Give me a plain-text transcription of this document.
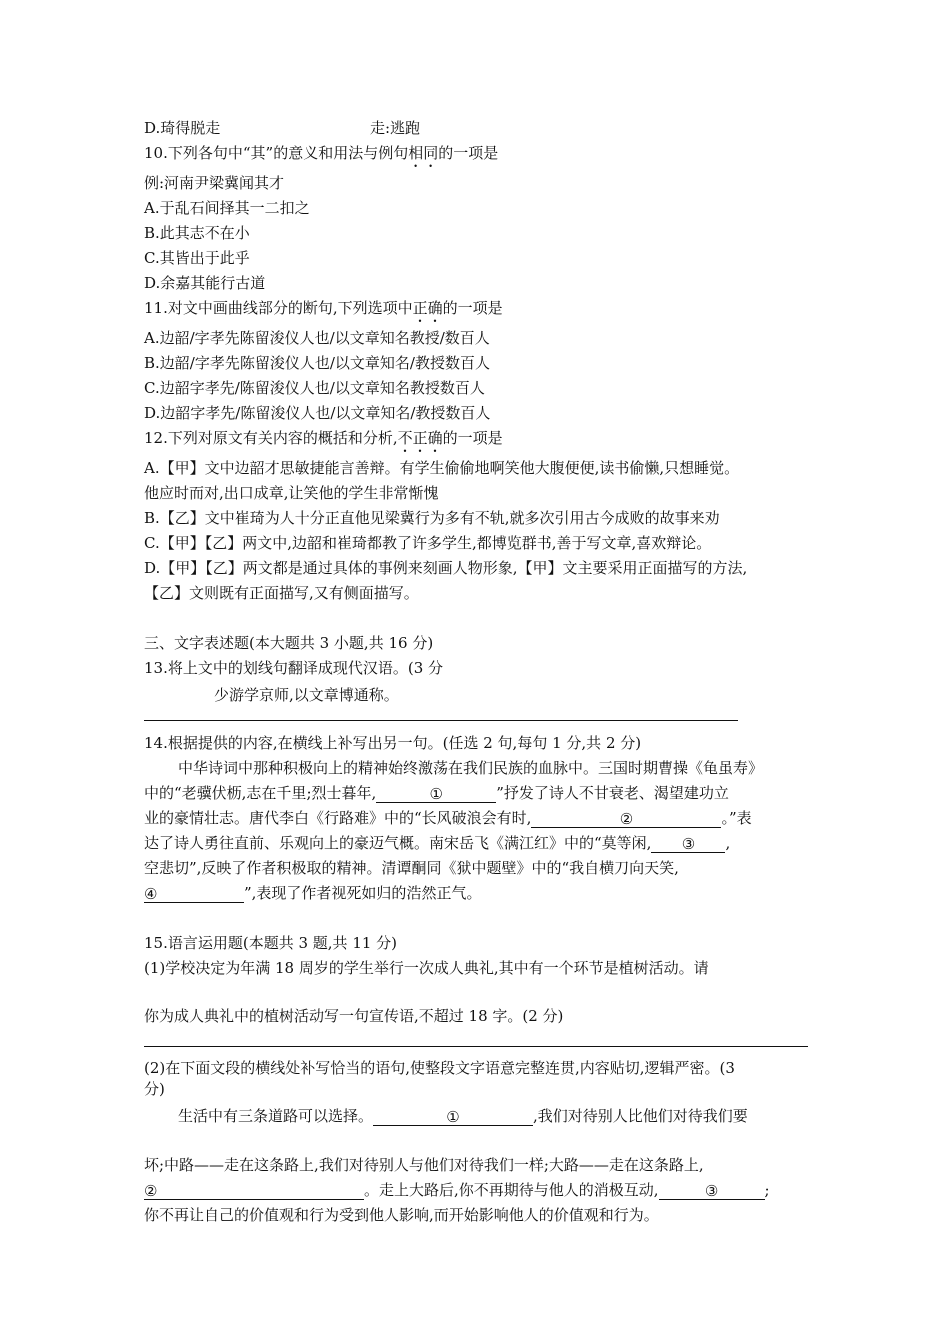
D.琦得脱走	走:逃跑
10.下列各句中“其”的意义和用法与例句相同的一项是
例:河南尹梁冀闻其才
A.于乱石间择其一二扣之
B.此其志不在小
C.其皆出于此乎
D.余嘉其能行古道
11.对文中画曲线部分的断句,下列选项中正确的一项是
A.边韶/字孝先陈留浚仪人也/以文章知名教授/数百人
B.边韶/字孝先陈留浚仪人也/以文章知名/教授数百人
C.边韶字孝先/陈留浚仪人也/以文章知名教授数百人
D.边韶字孝先/陈留浚仪人也/以文章知名/教授数百人
12.下列对原文有关内容的概括和分析,不正确的一项是
A.【甲】文中边韶才思敏捷能言善辩。有学生偷偷地啊笑他大腹便便,读书偷懒,只想睡觉。
他应时而对,出口成章,让笑他的学生非常惭愧
B.【乙】文中崔琦为人十分正直他见梁冀行为多有不轨,就多次引用古今成败的故事来劝
C.【甲】【乙】两文中,边韶和崔琦都教了许多学生,都博览群书,善于写文章,喜欢辩论。
D.【甲】【乙】两文都是通过具体的事例来刻画人物形象,【甲】文主要采用正面描写的方法,
【乙】文则既有正面描写,又有侧面描写。
三、文字表述题(本大题共 3 小题,共 16 分)
13.将上文中的划线句翻译成现代汉语。(3 分
少游学京师,以文章博通称。
14.根据提供的内容,在横线上补写出另一句。(任选 2 句,每句 1 分,共 2 分)
中华诗词中那种积极向上的精神始终激荡在我们民族的血脉中。三国时期曹操《龟虽寿》
中的“老骥伏枥,志在千里;烈士暮年,	①	”抒发了诗人不甘衰老、渴望建功立
业的豪情壮志。唐代李白《行路难》中的“长风破浪会有时,	②	。”表
达了诗人勇往直前、乐观向上的豪迈气概。南宋岳飞《满江红》中的“莫等闲, ③ ,
空悲切”,反映了作者积极取的精神。清谭酮同《狱中题壁》中的“我自横刀向天笑,
④	”,表现了作者视死如归的浩然正气。
15.语言运用题(本题共 3 题,共 11 分)
(1)学校决定为年满 18 周岁的学生举行一次成人典礼,其中有一个环节是植树活动。请
你为成人典礼中的植树活动写一句宣传语,不超过 18 字。(2 分)
(2)在下面文段的横线处补写恰当的语句,使整段文字语意完整连贯,内容贴切,逻辑严密。(3
分)
生活中有三条道路可以选择。	①	,我们对待别人比他们对待我们要
坏;中路——走在这条路上,我们对待别人与他们对待我们一样;大路——走在这条路上,
②	。走上大路后,你不再期待与他人的消极互动,	③	;
你不再让自己的价值观和行为受到他人影响,而开始影响他人的价值观和行为。
